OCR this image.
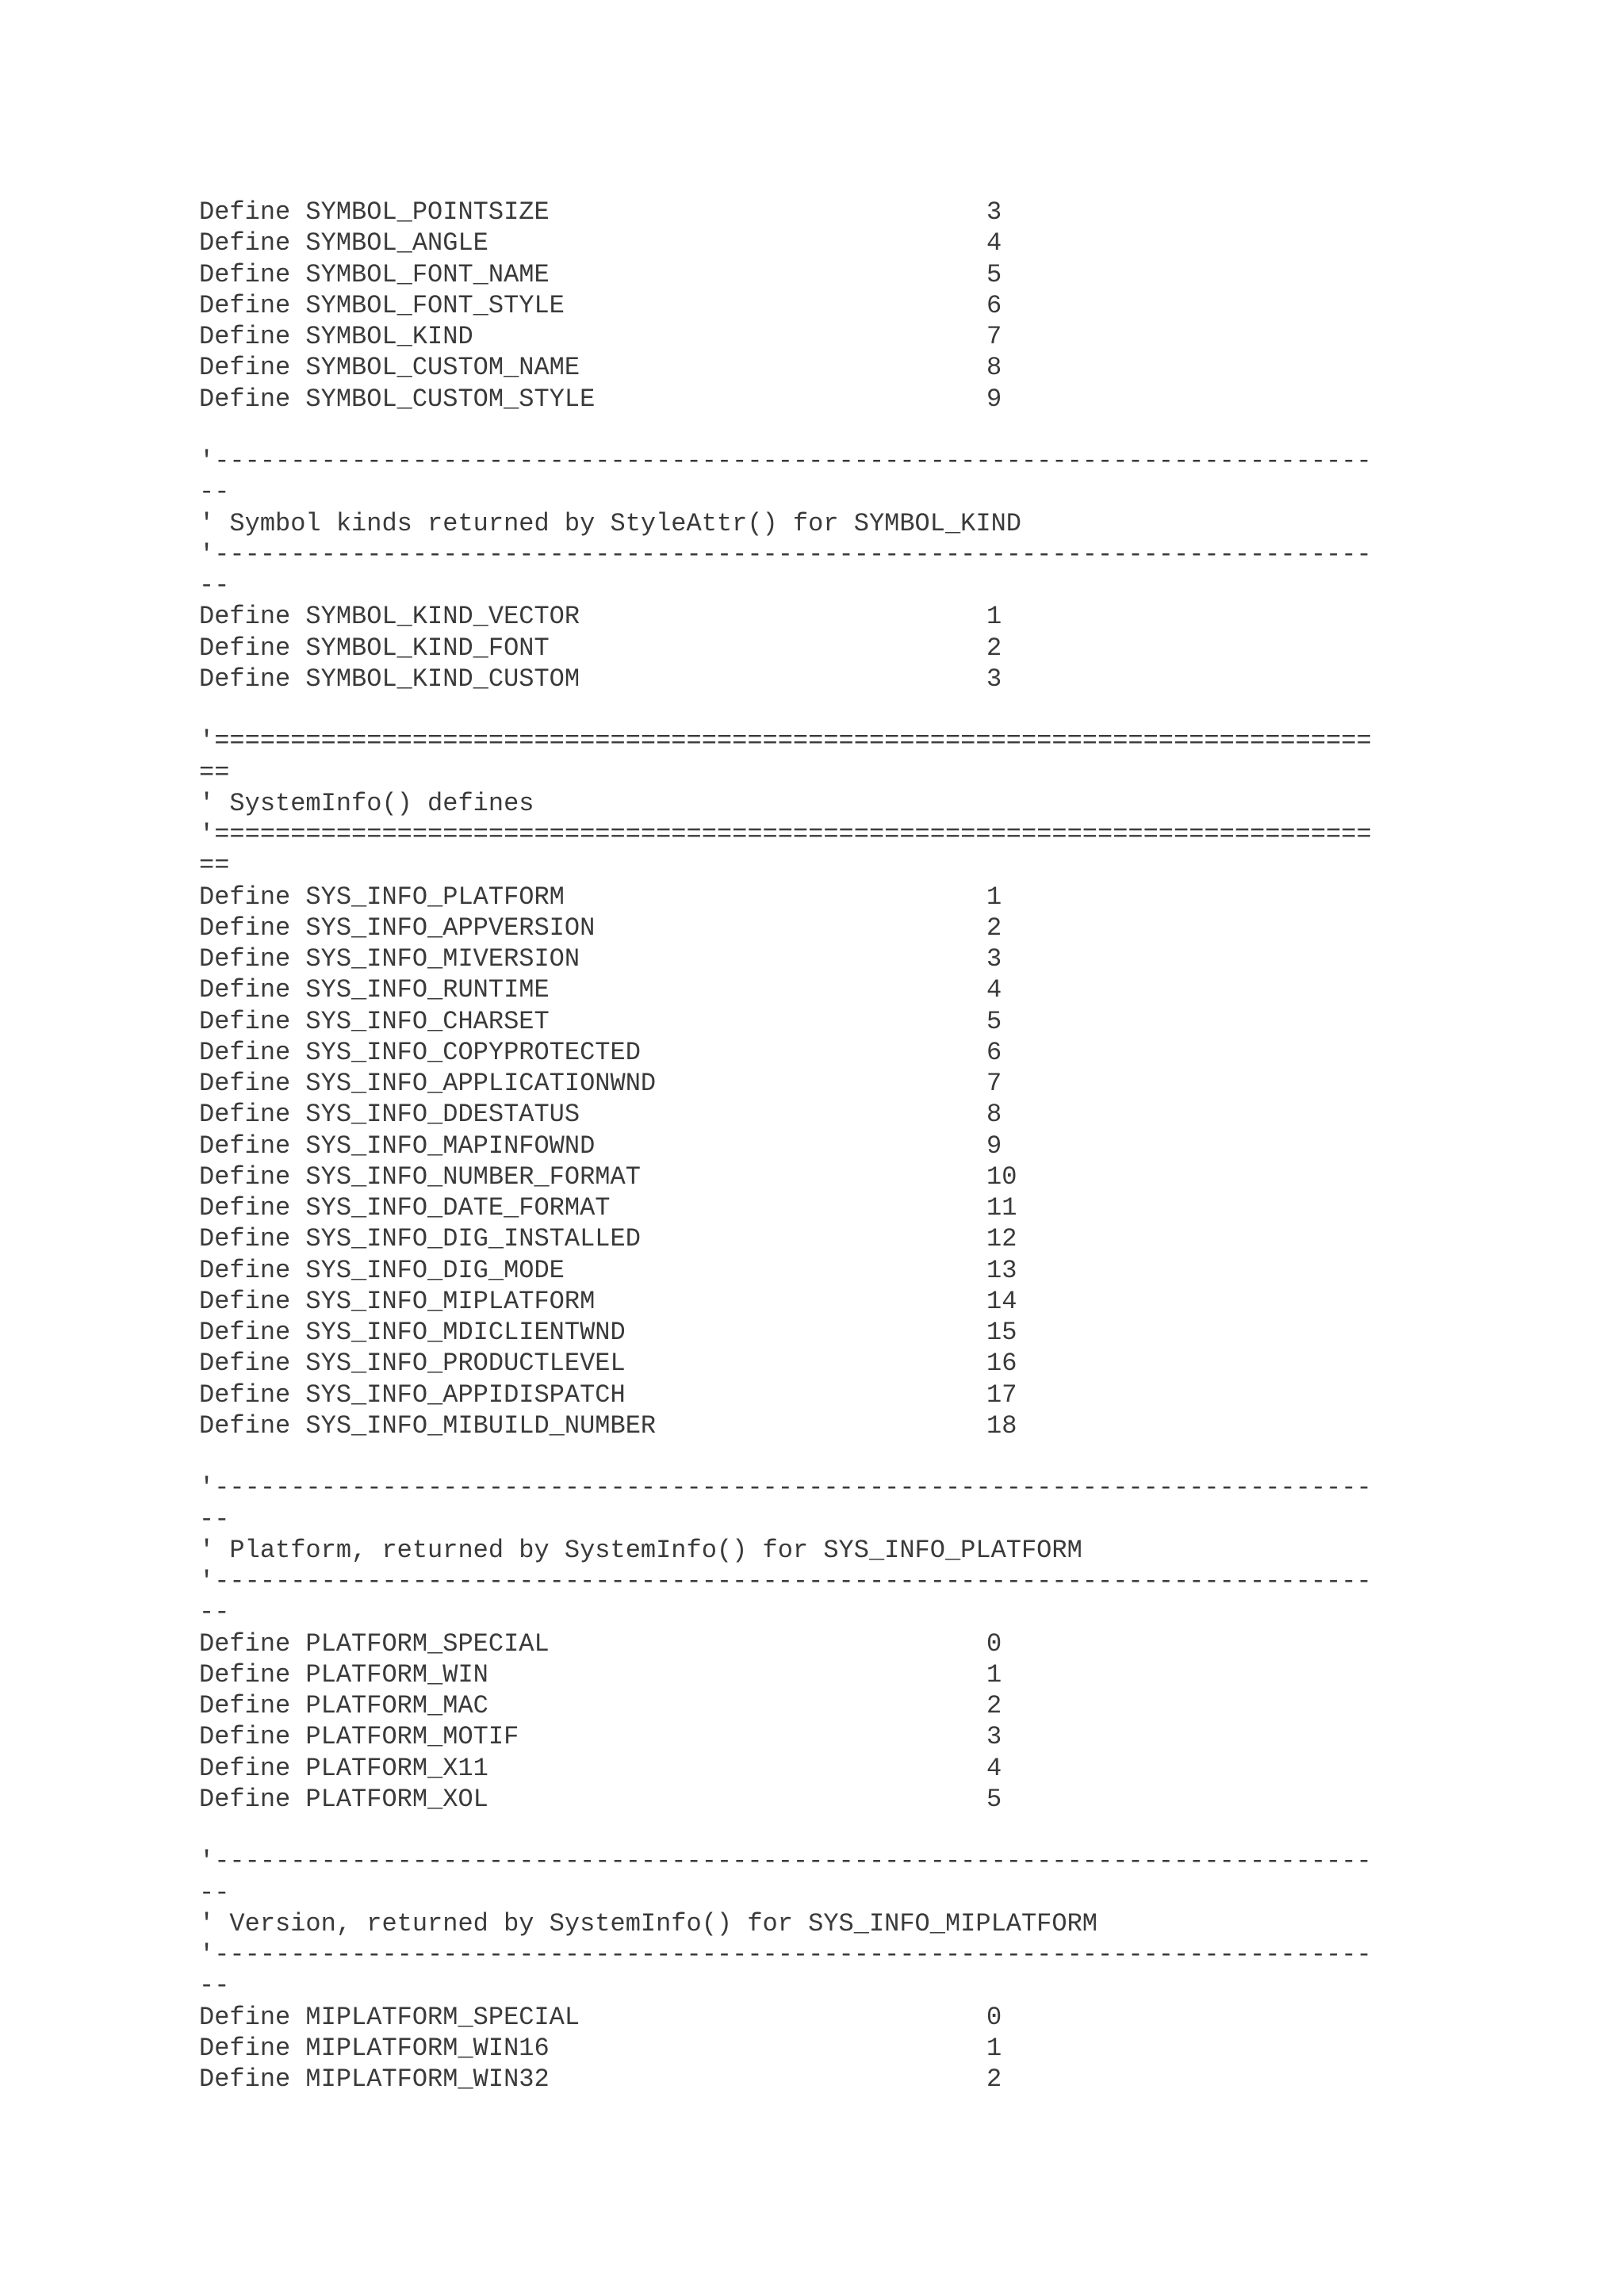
Define SYMBOL_POINTSIZE	3
Define SYMBOL_ANGLE	4
Define SYMBOL_FONT_NAME	5
Define SYMBOL_FONT_STYLE	6
Define SYMBOL_KIND	7
Define SYMBOL_CUSTOM_NAME	8
Define SYMBOL_CUSTOM_STYLE	9
'----------------------------------------------------------------------------
--
' Symbol kinds returned by StyleAttr() for SYMBOL_KIND
'----------------------------------------------------------------------------
--
Define SYMBOL_KIND_VECTOR	1
Define SYMBOL_KIND_FONT	2
Define SYMBOL_KIND_CUSTOM	3
'============================================================================
==
' SystemInfo() defines
'============================================================================
==
Define SYS_INFO_PLATFORM	1
Define SYS_INFO_APPVERSION	2
Define SYS_INFO_MIVERSION	3
Define SYS_INFO_RUNTIME	4
Define SYS_INFO_CHARSET	5
Define SYS_INFO_COPYPROTECTED	6
Define SYS_INFO_APPLICATIONWND	7
Define SYS_INFO_DDESTATUS	8
Define SYS_INFO_MAPINFOWND	9
Define SYS_INFO_NUMBER_FORMAT	10
Define SYS_INFO_DATE_FORMAT	11
Define SYS_INFO_DIG_INSTALLED	12
Define SYS_INFO_DIG_MODE	13
Define SYS_INFO_MIPLATFORM	14
Define SYS_INFO_MDICLIENTWND	15
Define SYS_INFO_PRODUCTLEVEL	16
Define SYS_INFO_APPIDISPATCH	17
Define SYS_INFO_MIBUILD_NUMBER	18
'----------------------------------------------------------------------------
--
' Platform, returned by SystemInfo() for SYS_INFO_PLATFORM
'----------------------------------------------------------------------------
--
Define PLATFORM_SPECIAL	0
Define PLATFORM_WIN	1
Define PLATFORM_MAC	2
Define PLATFORM_MOTIF	3
Define PLATFORM_X11	4
Define PLATFORM_XOL	5
'----------------------------------------------------------------------------
--
' Version, returned by SystemInfo() for SYS_INFO_MIPLATFORM
'----------------------------------------------------------------------------
--
Define MIPLATFORM_SPECIAL	0
Define MIPLATFORM_WIN16	1
Define MIPLATFORM_WIN32	2
